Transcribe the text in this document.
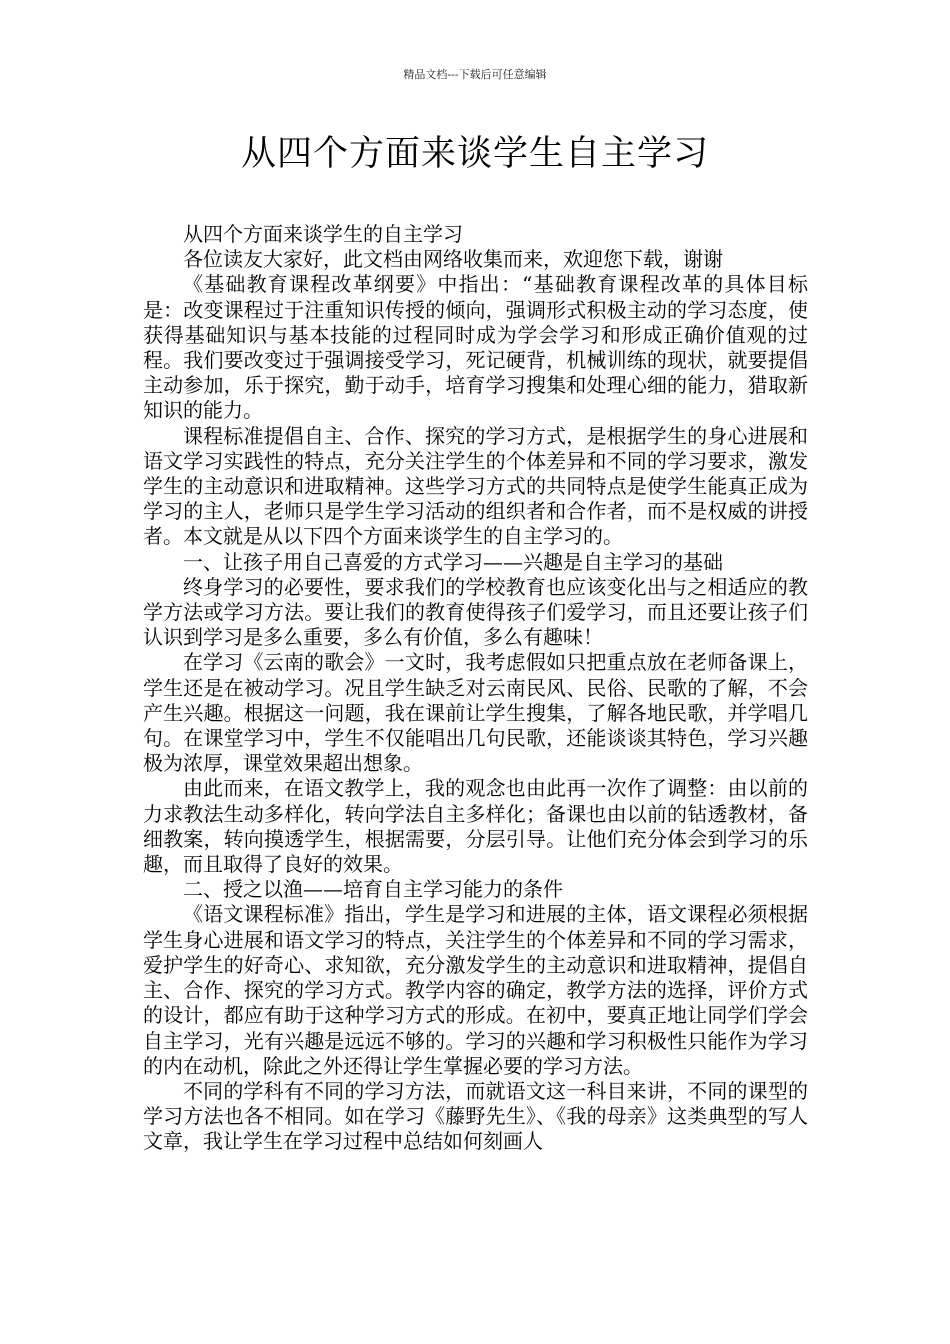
精品文档---下载后可任意编辑
从四个方面来谈学生自主学习

从四个方面来谈学生的自主学习

各位读友大家好，此文档由网络收集而来，欢迎您下载，谢谢

《基础教育课程改革纲要》中指出：“基础教育课程改革的具体目标是：改变课程过于注重知识传授的倾向，强调形式积极主动的学习态度，使获得基础知识与基本技能的过程同时成为学会学习和形成正确价值观的过程。我们要改变过于强调接受学习，死记硬背，机械训练的现状，就要提倡主动参加，乐于探究，勤于动手，培育学习搜集和处理心细的能力，猎取新知识的能力。

课程标准提倡自主、合作、探究的学习方式，是根据学生的身心进展和语文学习实践性的特点，充分关注学生的个体差异和不同的学习要求，激发学生的主动意识和进取精神。这些学习方式的共同特点是使学生能真正成为学习的主人，老师只是学生学习活动的组织者和合作者，而不是权威的讲授者。本文就是从以下四个方面来谈学生的自主学习的。

一、让孩子用自己喜爱的方式学习——兴趣是自主学习的基础

终身学习的必要性，要求我们的学校教育也应该变化出与之相适应的教学方法或学习方法。要让我们的教育使得孩子们爱学习，而且还要让孩子们认识到学习是多么重要，多么有价值，多么有趣味！

在学习《云南的歌会》一文时，我考虑假如只把重点放在老师备课上，学生还是在被动学习。况且学生缺乏对云南民风、民俗、民歌的了解，不会产生兴趣。根据这一问题，我在课前让学生搜集，了解各地民歌，并学唱几句。在课堂学习中，学生不仅能唱出几句民歌，还能谈谈其特色，学习兴趣极为浓厚，课堂效果超出想象。

由此而来，在语文教学上，我的观念也由此再一次作了调整：由以前的力求教法生动多样化，转向学法自主多样化；备课也由以前的钻透教材，备细教案，转向摸透学生，根据需要，分层引导。让他们充分体会到学习的乐趣，而且取得了良好的效果。

二、授之以渔——培育自主学习能力的条件

《语文课程标准》指出，学生是学习和进展的主体，语文课程必须根据学生身心进展和语文学习的特点，关注学生的个体差异和不同的学习需求，爱护学生的好奇心、求知欲，充分激发学生的主动意识和进取精神，提倡自主、合作、探究的学习方式。教学内容的确定，教学方法的选择，评价方式的设计，都应有助于这种学习方式的形成。在初中，要真正地让同学们学会自主学习，光有兴趣是远远不够的。学习的兴趣和学习积极性只能作为学习的内在动机，除此之外还得让学生掌握必要的学习方法。

不同的学科有不同的学习方法，而就语文这一科目来讲，不同的课型的学习方法也各不相同。如在学习《藤野先生》、《我的母亲》这类典型的写人文章，我让学生在学习过程中总结如何刻画人
